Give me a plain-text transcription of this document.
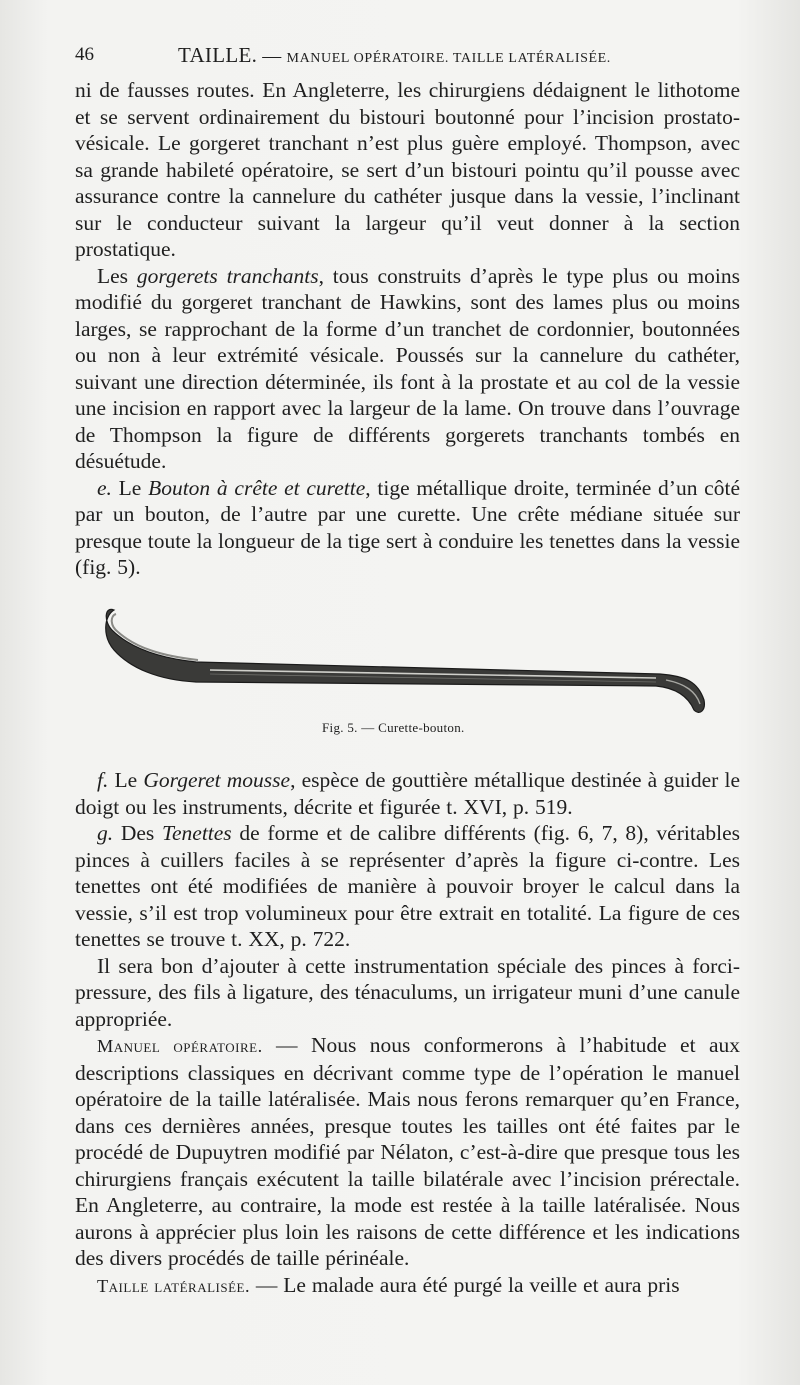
46	TAILLE. — MANUEL OPÉRATOIRE. TAILLE LATÉRALISÉE.

ni de fausses routes. En Angleterre, les chirurgiens dédaignent le lithotome et se servent ordinairement du bistouri boutonné pour l’incision prostato-vésicale. Le gorgeret tranchant n’est plus guère employé. Thompson, avec sa grande habileté opératoire, se sert d’un bistouri pointu qu’il pousse avec assurance contre la cannelure du cathéter jusque dans la vessie, l’inclinant sur le conducteur suivant la largeur qu’il veut donner à la section prostatique.

Les gorgerets tranchants, tous construits d’après le type plus ou moins modifié du gorgeret tranchant de Hawkins, sont des lames plus ou moins larges, se rapprochant de la forme d’un tranchet de cordonnier, boutonnées ou non à leur extrémité vésicale. Poussés sur la cannelure du cathéter, suivant une direction déterminée, ils font à la prostate et au col de la vessie une incision en rapport avec la largeur de la lame. On trouve dans l’ouvrage de Thompson la figure de différents gorgerets tranchants tombés en désuétude.

e. Le Bouton à crête et curette, tige métallique droite, terminée d’un côté par un bouton, de l’autre par une curette. Une crête médiane située sur presque toute la longueur de la tige sert à conduire les tenettes dans la vessie (fig. 5).

Fig. 5. — Curette-bouton.

f. Le Gorgeret mousse, espèce de gouttière métallique destinée à guider le doigt ou les instruments, décrite et figurée t. XVI, p. 519.

g. Des Tenettes de forme et de calibre différents (fig. 6, 7, 8), véritables pinces à cuillers faciles à se représenter d’après la figure ci-contre. Les tenettes ont été modifiées de manière à pouvoir broyer le calcul dans la vessie, s’il est trop volumineux pour être extrait en totalité. La figure de ces tenettes se trouve t. XX, p. 722.

Il sera bon d’ajouter à cette instrumentation spéciale des pinces à forci-pressure, des fils à ligature, des ténaculums, un irrigateur muni d’une canule appropriée.

Manuel opératoire. — Nous nous conformerons à l’habitude et aux descriptions classiques en décrivant comme type de l’opération le manuel opératoire de la taille latéralisée. Mais nous ferons remarquer qu’en France, dans ces dernières années, presque toutes les tailles ont été faites par le procédé de Dupuytren modifié par Nélaton, c’est-à-dire que presque tous les chirurgiens français exécutent la taille bilatérale avec l’incision prérectale. En Angleterre, au contraire, la mode est restée à la taille latéralisée. Nous aurons à apprécier plus loin les raisons de cette différence et les indications des divers procédés de taille périnéale.

Taille latéralisée. — Le malade aura été purgé la veille et aura pris
